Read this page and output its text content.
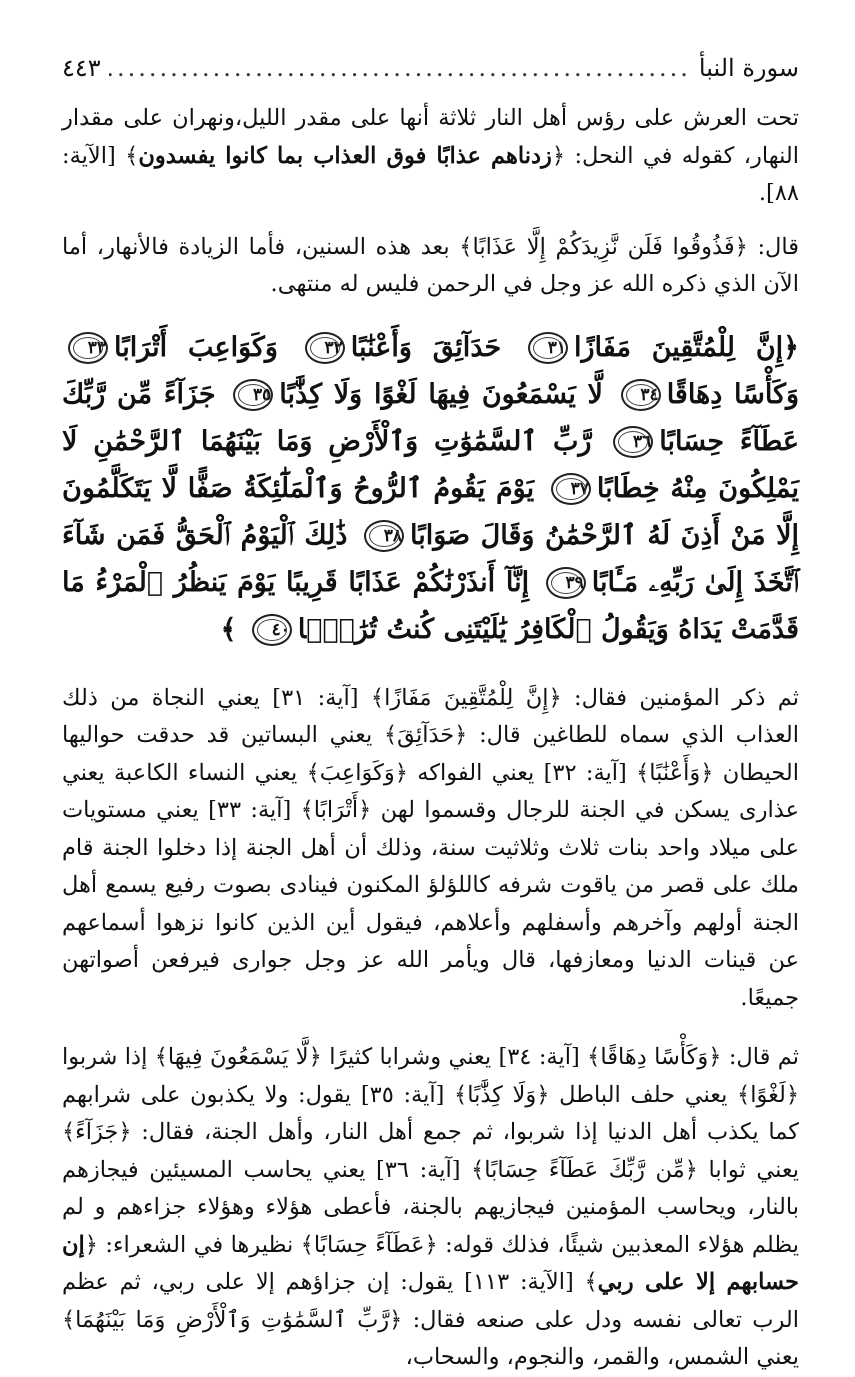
سورة النبأ
.....
٤٤٣

تحت العرش على رؤس أهل النار ثلاثة أنها على مقدر الليل،ونهران على مقدار النهار، كقوله في النحل: ﴿زدناهم عذابًا فوق العذاب بما كانوا يفسدون﴾ [الآية: ٨٨].

قال: ﴿فَذُوقُوا فَلَن نَّزِيدَكُمْ إِلَّا عَذَابًا﴾ بعد هذه السنين، فأما الزيادة فالأنهار، أما الآن الذي ذكره الله عز وجل في الرحمن فليس له منتهى.

﴿إِنَّ لِلْمُتَّقِينَ مَفَازًا٣١ حَدَآئِقَ وَأَعْنَٰبًا٣٢ وَكَوَاعِبَ أَتْرَابًا٣٣ وَكَأْسًا دِهَاقًا٣٤ لَّا يَسْمَعُونَ فِيهَا لَغْوًا وَلَا كِذَّٰبًا٣٥ جَزَآءً مِّن رَّبِّكَ عَطَآءً حِسَابًا٣٦ رَّبِّ ٱلسَّمَٰوَٰتِ وَٱلْأَرْضِ وَمَا بَيْنَهُمَا ٱلرَّحْمَٰنِ لَا يَمْلِكُونَ مِنْهُ خِطَابًا٣٧ يَوْمَ يَقُومُ ٱلرُّوحُ وَٱلْمَلَٰٓئِكَةُ صَفًّا لَّا يَتَكَلَّمُونَ إِلَّا مَنْ أَذِنَ لَهُ ٱلرَّحْمَٰنُ وَقَالَ صَوَابًا٣٨ ذَٰلِكَ ٱلْيَوْمُ ٱلْحَقُّ فَمَن شَآءَ ٱتَّخَذَ إِلَىٰ رَبِّهِۦ مَـَٔابًا٣٩ إِنَّآ أَنذَرْنَٰكُمْ عَذَابًا قَرِيبًا يَوْمَ يَنظُرُ ٱلْمَرْءُ مَا قَدَّمَتْ يَدَاهُ وَيَقُولُ ٱلْكَافِرُ يَٰلَيْتَنِى كُنتُ تُرَٰبًۢا٤٠ ﴾

ثم ذكر المؤمنين فقال: ﴿إِنَّ لِلْمُتَّقِينَ مَفَازًا﴾ [آية: ٣١] يعني النجاة من ذلك العذاب الذي سماه للطاغين قال: ﴿حَدَآئِقَ﴾ يعني البساتين قد حدقت حواليها الحيطان ﴿وَأَعْنَٰبًا﴾ [آية: ٣٢] يعني الفواكه ﴿وَكَوَاعِبَ﴾ يعني النساء الكاعبة يعني عذارى يسكن في الجنة للرجال وقسموا لهن ﴿أَتْرَابًا﴾ [آية: ٣٣] يعني مستويات على ميلاد واحد بنات ثلاث وثلاثيت سنة، وذلك أن أهل الجنة إذا دخلوا الجنة قام ملك على قصر من ياقوت شرفه كاللؤلؤ المكنون فينادى بصوت رفيع يسمع أهل الجنة أولهم وآخرهم وأسفلهم وأعلاهم، فيقول أين الذين كانوا نزهوا أسماعهم عن قينات الدنيا ومعازفها، قال ويأمر الله عز وجل جوارى فيرفعن أصواتهن جميعًا.

ثم قال: ﴿وَكَأْسًا دِهَاقًا﴾ [آية: ٣٤] يعني وشرابا كثيرًا ﴿لَّا يَسْمَعُونَ فِيهَا﴾ إذا شربوا ﴿لَغْوًا﴾ يعني حلف الباطل ﴿وَلَا كِذَّٰبًا﴾ [آية: ٣٥] يقول: ولا يكذبون على شرابهم كما يكذب أهل الدنيا إذا شربوا، ثم جمع أهل النار، وأهل الجنة، فقال: ﴿جَزَآءً﴾ يعني ثوابا ﴿مِّن رَّبِّكَ عَطَآءً حِسَابًا﴾ [آية: ٣٦] يعني يحاسب المسيئين فيجازهم بالنار، ويحاسب المؤمنين فيجازيهم بالجنة، فأعطى هؤلاء وهؤلاء جزاءهم و لم يظلم هؤلاء المعذبين شيئًا، فذلك قوله: ﴿عَطَآءً حِسَابًا﴾ نظيرها في الشعراء: ﴿إن حسابهم إلا على ربي﴾ [الآية: ١١٣] يقول: إن جزاؤهم إلا على ربي، ثم عظم الرب تعالى نفسه ودل على صنعه فقال: ﴿رَّبِّ ٱلسَّمَٰوَٰتِ وَٱلْأَرْضِ وَمَا بَيْنَهُمَا﴾ يعني الشمس، والقمر، والنجوم، والسحاب،
